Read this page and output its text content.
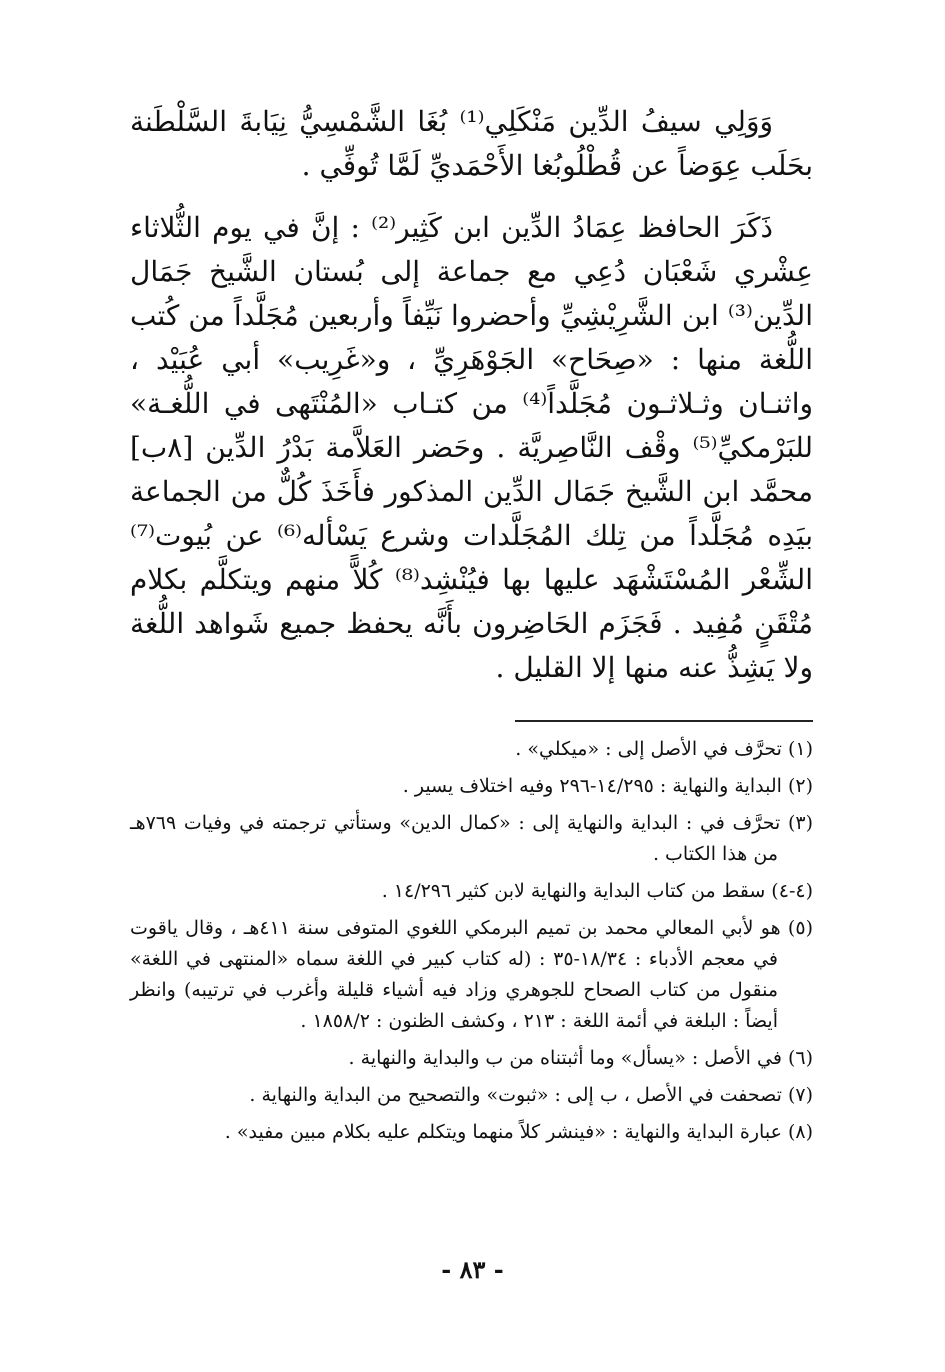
وَوَلِي سيفُ الدِّين مَنْكَلِي⁽¹⁾ بُغَا الشَّمْسِيُّ نِيَابةَ السَّلْطَنة بحَلَب عِوَضاً عن قُطْلُوبُغا الأَحْمَديِّ لَمَّا تُوفِّي .

ذَكَرَ الحافظ عِمَادُ الدِّين ابن كَثِير⁽²⁾ : إنَّ في يوم الثُّلاثاء عِشْري شَعْبَان دُعِي مع جماعة إلى بُستان الشَّيخ جَمَال الدِّين⁽³⁾ ابن الشَّرِيْشِيِّ وأحضروا نَيِّفاً وأربعين مُجَلَّداً من كُتب اللُّغة منها : «صِحَاح» الجَوْهَرِيِّ ، و«غَرِيب» أبي عُبَيْد ، واثنـان وثـلاثـون مُجَلَّداً⁽⁴⁾ من كتـاب «المُنْتَهى في اللُّغـة» للبَرْمكيِّ⁽⁵⁾ وقْف النَّاصِريَّة . وحَضر العَلاَّمة بَدْرُ الدِّين [٨ب] محمَّد ابن الشَّيخ جَمَال الدِّين المذكور فأَخَذَ كُلٌّ من الجماعة بيَدِه مُجَلَّداً من تِلك المُجَلَّدات وشرع يَسْأله⁽⁶⁾ عن بُيوت⁽⁷⁾ الشِّعْر المُسْتَشْهَد عليها بها فيُنْشِد⁽⁸⁾ كُلاًّ منهم ويتكلَّم بكلام مُتْقَنٍ مُفِيد . فَجَزَم الحَاضِرون بأَنَّه يحفظ جميع شَواهد اللُّغة ولا يَشِذُّ عنه منها إلا القليل .

(١) تحرَّف في الأصل إلى : «ميكلي» .

(٢) البداية والنهاية : ١٤/٢٩٥-٢٩٦ وفيه اختلاف يسير .

(٣) تحرَّف في : البداية والنهاية إلى : «كمال الدين» وستأتي ترجمته في وفيات ٧٦٩هـ من هذا الكتاب .

(٤-٤) سقط من كتاب البداية والنهاية لابن كثير ١٤/٢٩٦ .

(٥) هو لأبي المعالي محمد بن تميم البرمكي اللغوي المتوفى سنة ٤١١هـ ، وقال ياقوت في معجم الأدباء : ١٨/٣٤-٣٥ : (له كتاب كبير في اللغة سماه «المنتهى في اللغة» منقول من كتاب الصحاح للجوهري وزاد فيه أشياء قليلة وأغرب في ترتيبه) وانظر أيضاً : البلغة في أئمة اللغة : ٢١٣ ، وكشف الظنون : ١٨٥٨/٢ .

(٦) في الأصل : «يسأل» وما أثبتناه من ب والبداية والنهاية .

(٧) تصحفت في الأصل ، ب إلى : «ثبوت» والتصحيح من البداية والنهاية .

(٨) عبارة البداية والنهاية : «فينشر كلاً منهما ويتكلم عليه بكلام مبين مفيد» .

- ٨٣ -
